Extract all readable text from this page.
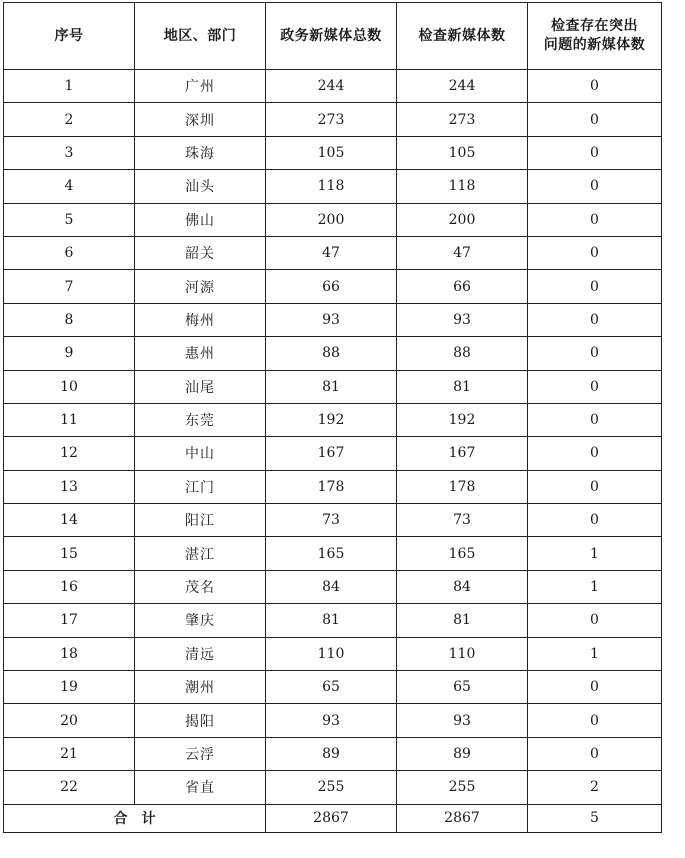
序号	地区、部门	政务新媒体总数	检查新媒体数	检查存在突出
问题的新媒体数

1	广州	244	244	0
2	深圳	273	273	0
3	珠海	105	105	0
4	汕头	118	118	0
5	佛山	200	200	0
6	韶关	47	47	0
7	河源	66	66	0
8	梅州	93	93	0
9	惠州	88	88	0
10	汕尾	81	81	0
11	东莞	192	192	0
12	中山	167	167	0
13	江门	178	178	0
14	阳江	73	73	0
15	湛江	165	165	1
16	茂名	84	84	1
17	肇庆	81	81	0
18	清远	110	110	1
19	潮州	65	65	0
20	揭阳	93	93	0
21	云浮	89	89	0
22	省直	255	255	2
合计		2867	2867	5
